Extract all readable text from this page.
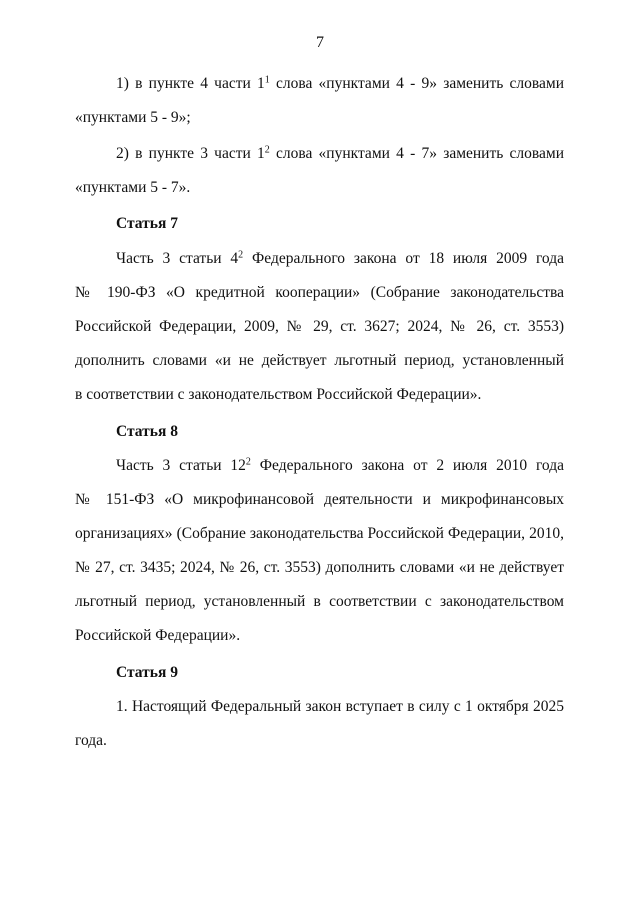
7
1) в пункте 4 части $1^1$ слова «пунктами 4 - 9» заменить словами
«пунктами 5 - 9»;
2) в пункте 3 части $1^2$ слова «пунктами 4 - 7» заменить словами
«пунктами 5 - 7».
Статья 7
Часть 3 статьи $4^2$ Федерального закона от 18 июля 2009 года
№ 190-ФЗ «О кредитной кооперации» (Собрание законодательства
Российской Федерации, 2009, № 29, ст. 3627; 2024, № 26, ст. 3553)
дополнить словами «и не действует льготный период, установленный
в соответствии с законодательством Российской Федерации».
Статья 8
Часть 3 статьи $12^2$ Федерального закона от 2 июля 2010 года
№ 151-ФЗ «О микрофинансовой деятельности и микрофинансовых
организациях» (Собрание законодательства Российской Федерации, 2010,
№ 27, ст. 3435; 2024, № 26, ст. 3553) дополнить словами «и не действует
льготный период, установленный в соответствии с законодательством
Российской Федерации».
Статья 9
1. Настоящий Федеральный закон вступает в силу с 1 октября 2025
года.
